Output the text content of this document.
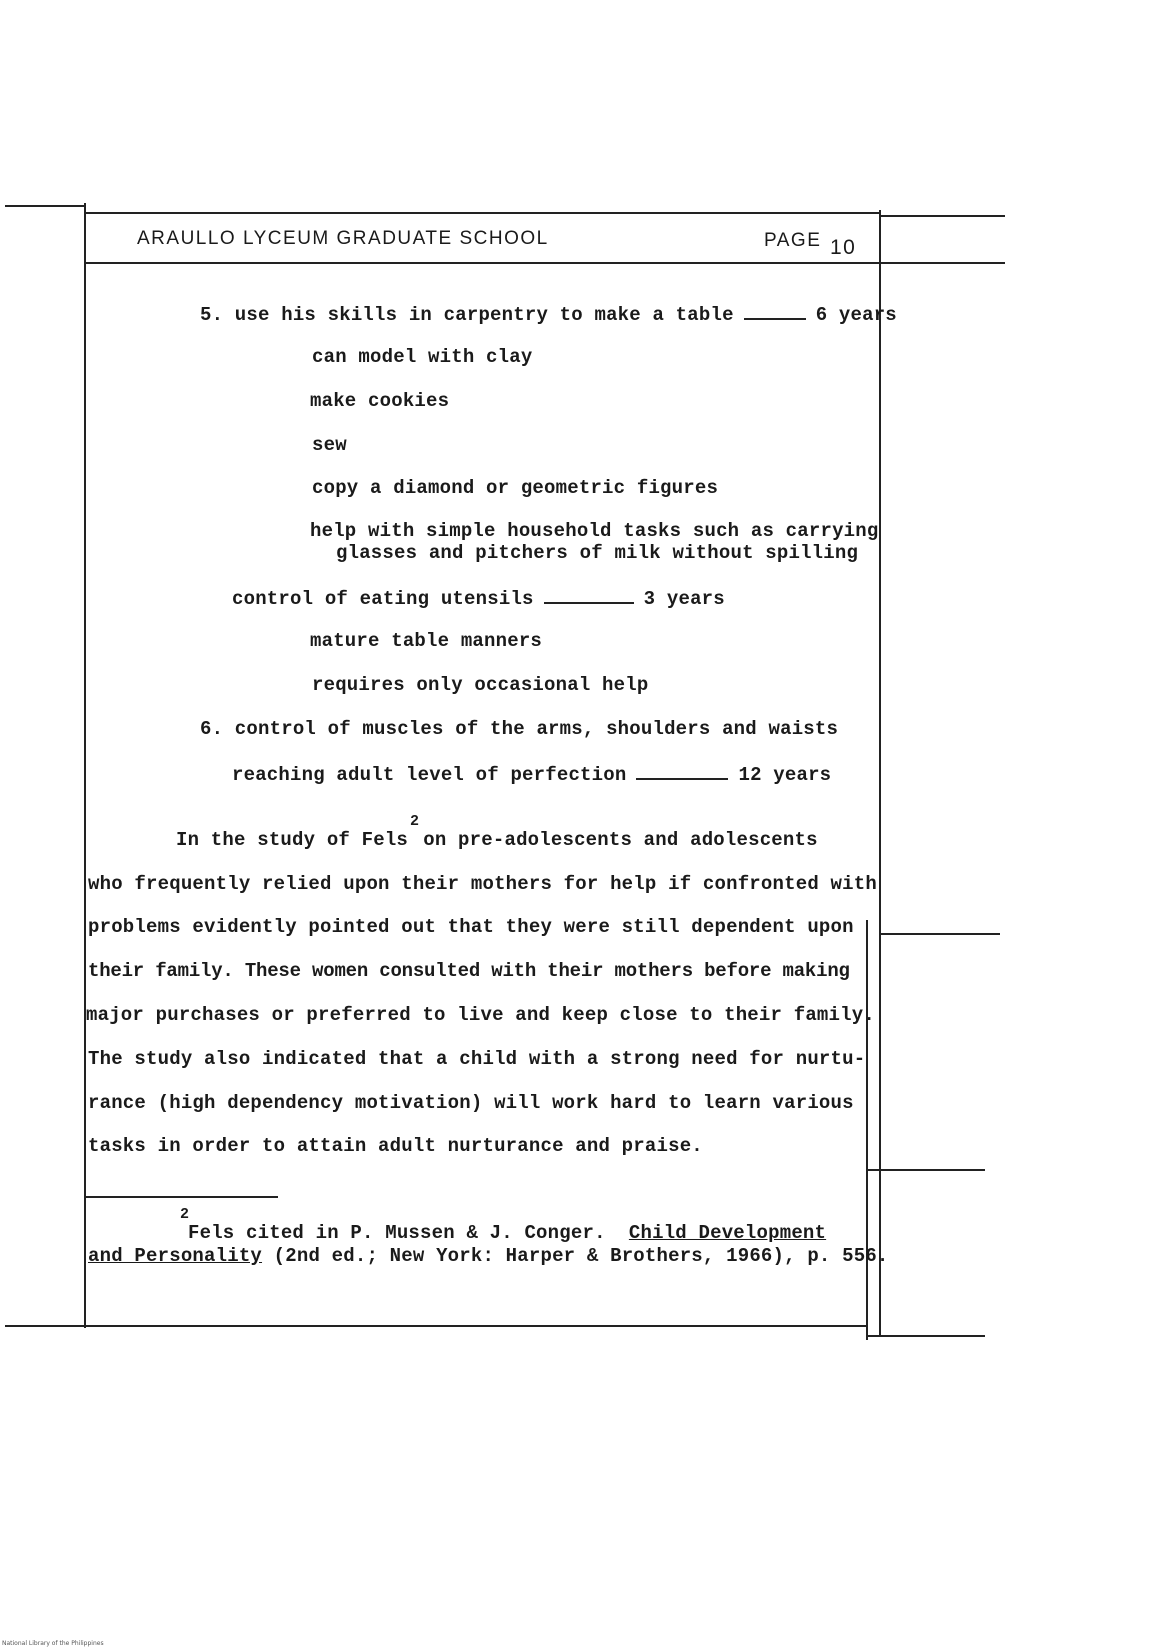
ARAULLO LYCEUM GRADUATE SCHOOL	PAGE 10
5. use his skills in carpentry to make a table	6 years
can model with clay
make cookies
sew
copy a diamond or geometric figures
help with simple household tasks such as carrying
glasses and pitchers of milk without spilling
control of eating utensils	3 years
mature table manners
requires only occasional help
6. control of muscles of the arms, shoulders and waists
reaching adult level of perfection	12 years
In the study of Fels$^2$on pre-adolescents and adolescents
who frequently relied upon their mothers for help if confronted with
problems evidently pointed out that they were still dependent upon
their family. These women consulted with their mothers before making
major purchases or preferred to live and keep close to their family.
The study also indicated that a child with a strong need for nurtu-
rance (high dependency motivation) will work hard to learn various
tasks in order to attain adult nurturance and praise.
2
Fels cited in P. Mussen & J. Conger. Child Development
and Personality (2nd ed.; New York: Harper & Brothers, 1966), p. 556.
National Library of the Philippines
